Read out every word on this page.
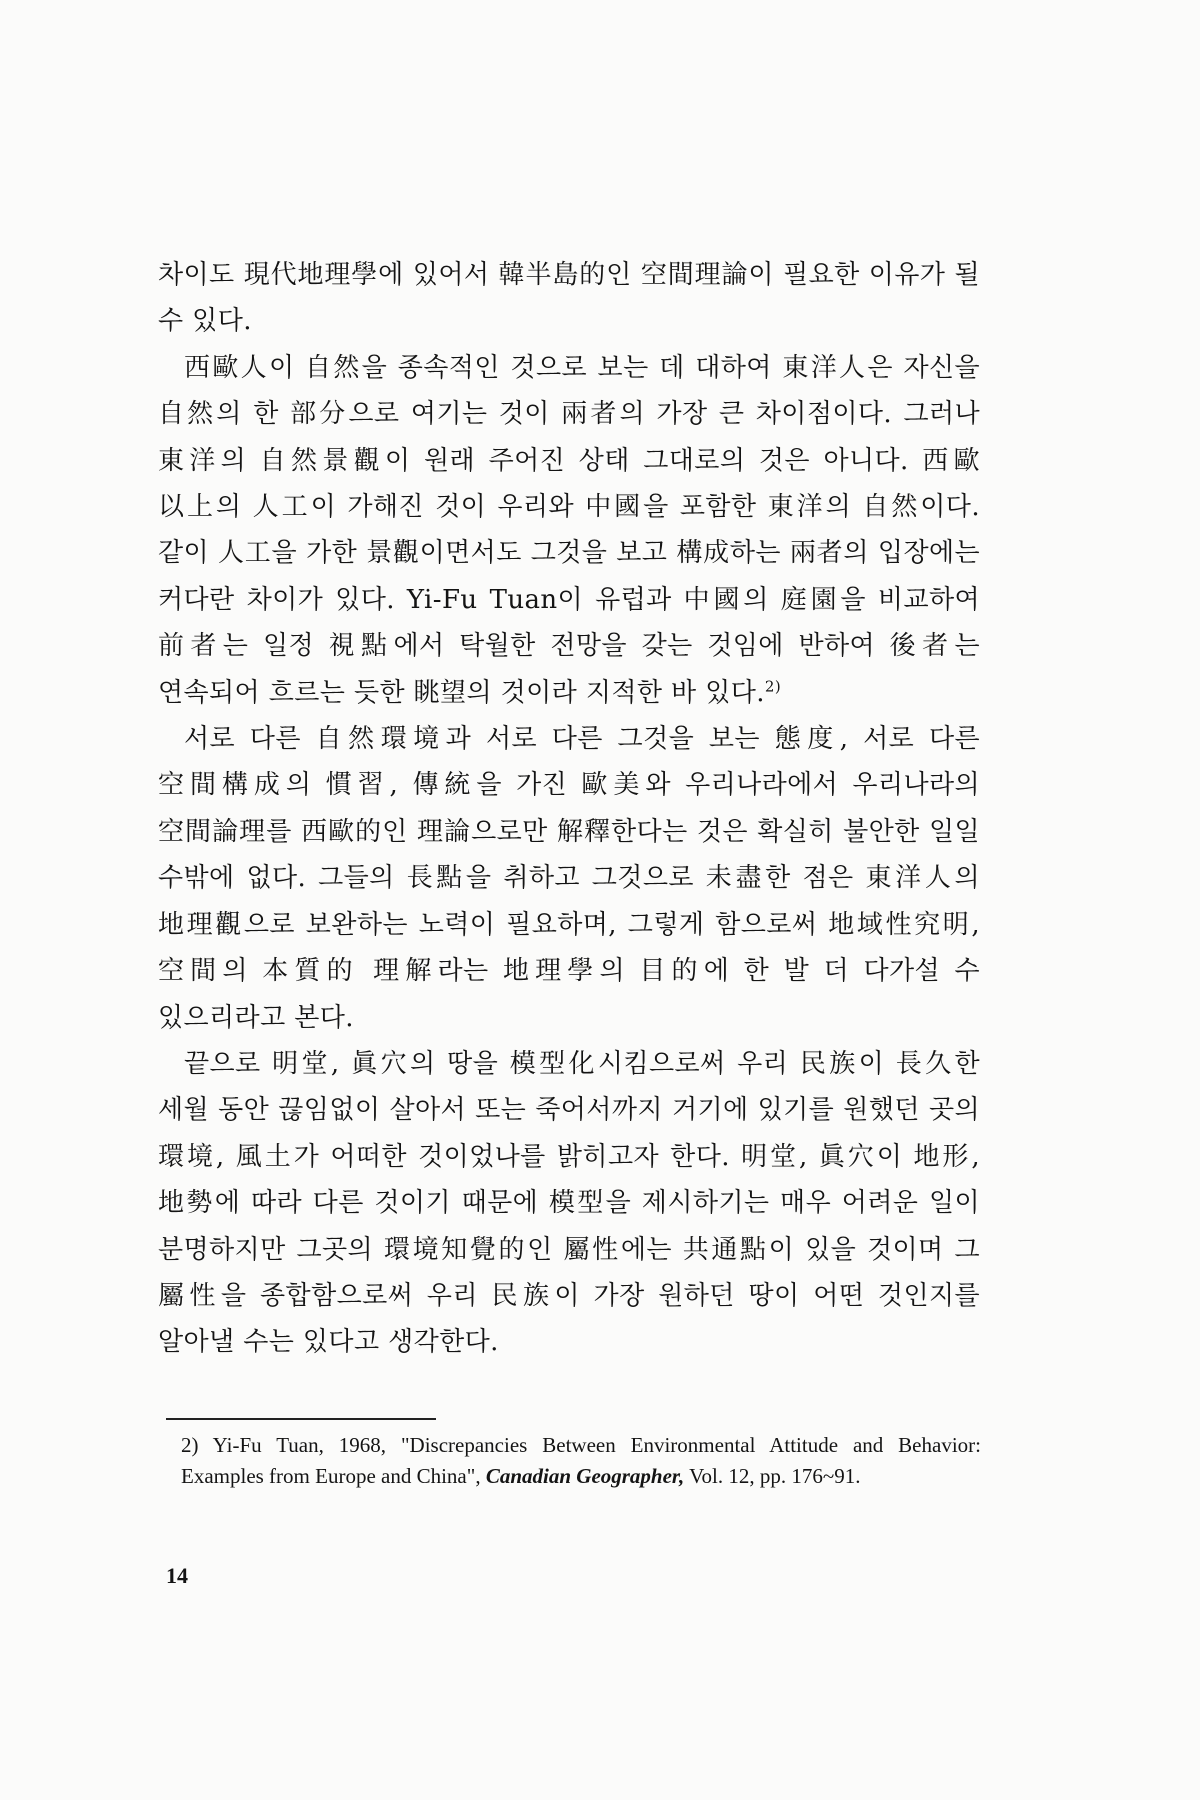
차이도 現代地理學에 있어서 韓半島的인 空間理論이 필요한 이유가 될 수 있다.

西歐人이 自然을 종속적인 것으로 보는 데 대하여 東洋人은 자신을 自然의 한 部分으로 여기는 것이 兩者의 가장 큰 차이점이다. 그러나 東洋의 自然景觀이 원래 주어진 상태 그대로의 것은 아니다. 西歐 以上의 人工이 가해진 것이 우리와 中國을 포함한 東洋의 自然이다. 같이 人工을 가한 景觀이면서도 그것을 보고 構成하는 兩者의 입장에는 커다란 차이가 있다. Yi-Fu Tuan이 유럽과 中國의 庭園을 비교하여 前者는 일정 視點에서 탁월한 전망을 갖는 것임에 반하여 後者는 연속되어 흐르는 듯한 眺望의 것이라 지적한 바 있다.$^{2)}$

서로 다른 自然環境과 서로 다른 그것을 보는 態度, 서로 다른 空間構成의 慣習, 傳統을 가진 歐美와 우리나라에서 우리나라의 空間論理를 西歐的인 理論으로만 解釋한다는 것은 확실히 불안한 일일 수밖에 없다. 그들의 長點을 취하고 그것으로 未盡한 점은 東洋人의 地理觀으로 보완하는 노력이 필요하며, 그렇게 함으로써 地域性究明, 空間의 本質的 理解라는 地理學의 目的에 한 발 더 다가설 수 있으리라고 본다.

끝으로 明堂, 眞穴의 땅을 模型化시킴으로써 우리 民族이 長久한 세월 동안 끊임없이 살아서 또는 죽어서까지 거기에 있기를 원했던 곳의 環境, 風土가 어떠한 것이었나를 밝히고자 한다. 明堂, 眞穴이 地形, 地勢에 따라 다른 것이기 때문에 模型을 제시하기는 매우 어려운 일이 분명하지만 그곳의 環境知覺的인 屬性에는 共通點이 있을 것이며 그 屬性을 종합함으로써 우리 民族이 가장 원하던 땅이 어떤 것인지를 알아낼 수는 있다고 생각한다.

2) Yi-Fu Tuan, 1968, "Discrepancies Between Environmental Attitude and Behavior: Examples from Europe and China", Canadian Geographer, Vol. 12, pp. 176~91.
14
